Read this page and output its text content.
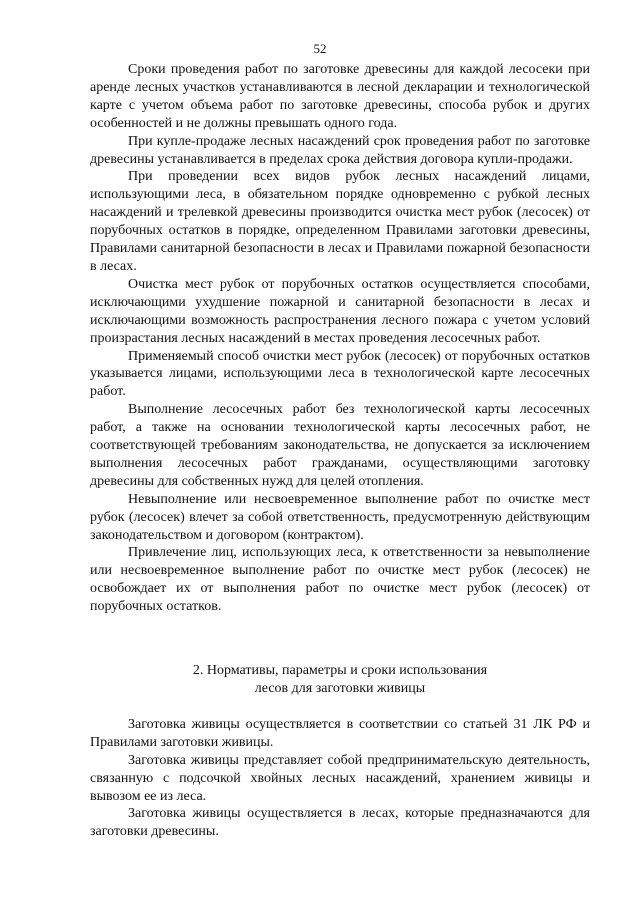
52

Сроки проведения работ по заготовке древесины для каждой лесосеки при аренде лесных участков устанавливаются в лесной декларации и технологической карте с учетом объема работ по заготовке древесины, способа рубок и других особенностей и не должны превышать одного года.

При купле-продаже лесных насаждений срок проведения работ по заготовке древесины устанавливается в пределах срока действия договора купли-продажи.

При проведении всех видов рубок лесных насаждений лицами, использующими леса, в обязательном порядке одновременно с рубкой лесных насаждений и трелевкой древесины производится очистка мест рубок (лесосек) от порубочных остатков в порядке, определенном Правилами заготовки древесины, Правилами санитарной безопасности в лесах и Правилами пожарной безопасности в лесах.

Очистка мест рубок от порубочных остатков осуществляется способами, исключающими ухудшение пожарной и санитарной безопасности в лесах и исключающими возможность распространения лесного пожара с учетом условий произрастания лесных насаждений в местах проведения лесосечных работ.

Применяемый способ очистки мест рубок (лесосек) от порубочных остатков указывается лицами, использующими леса в технологической карте лесосечных работ.

Выполнение лесосечных работ без технологической карты лесосечных работ, а также на основании технологической карты лесосечных работ, не соответствующей требованиям законодательства, не допускается за исключением выполнения лесосечных работ гражданами, осуществляющими заготовку древесины для собственных нужд для целей отопления.

Невыполнение или несвоевременное выполнение работ по очистке мест рубок (лесосек) влечет за собой ответственность, предусмотренную действующим законодательством и договором (контрактом).

Привлечение лиц, использующих леса, к ответственности за невыполнение или несвоевременное выполнение работ по очистке мест рубок (лесосек) не освобождает их от выполнения работ по очистке мест рубок (лесосек) от порубочных остатков.

2. Нормативы, параметры и сроки использования
лесов для заготовки живицы

Заготовка живицы осуществляется в соответствии со статьей 31 ЛК РФ и Правилами заготовки живицы.

Заготовка живицы представляет собой предпринимательскую деятельность, связанную с подсочкой хвойных лесных насаждений, хранением живицы и вывозом ее из леса.

Заготовка живицы осуществляется в лесах, которые предназначаются для заготовки древесины.
